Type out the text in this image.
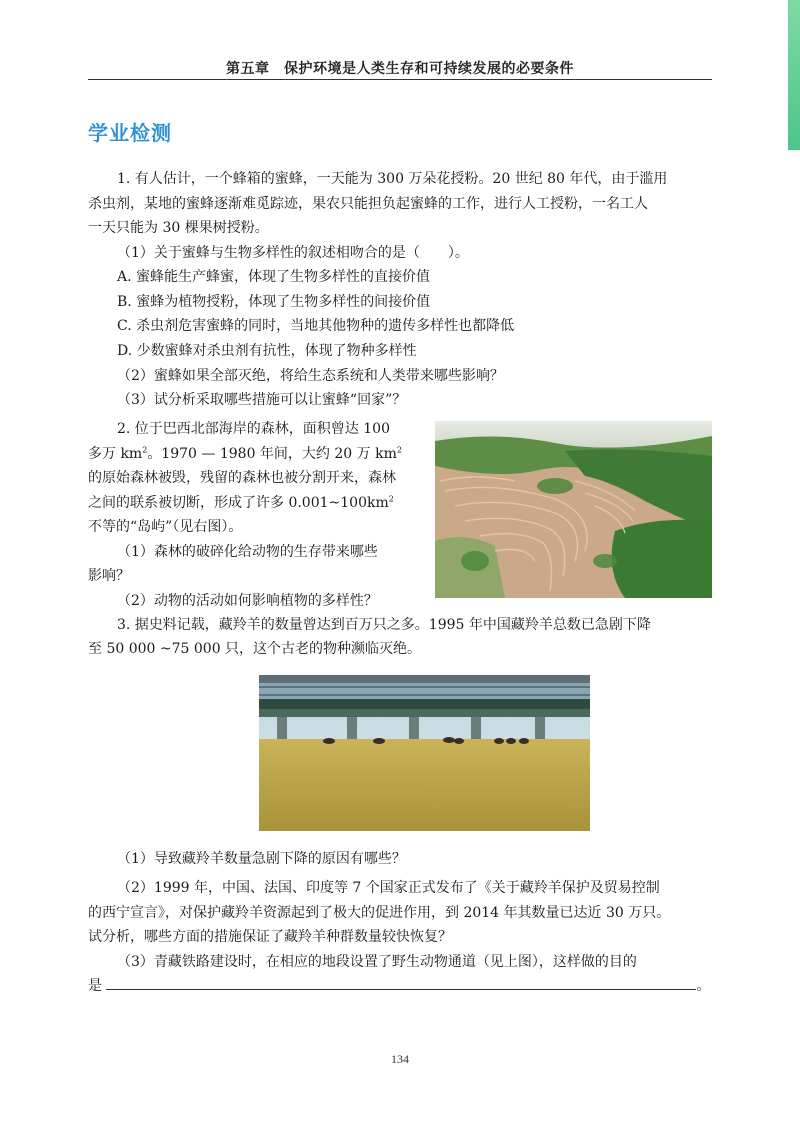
第五章　保护环境是人类生存和可持续发展的必要条件
学业检测
1. 有人估计，一个蜂箱的蜜蜂，一天能为 300 万朵花授粉。20 世纪 80 年代，由于滥用
杀虫剂，某地的蜜蜂逐渐难觅踪迹，果农只能担负起蜜蜂的工作，进行人工授粉，一名工人
一天只能为 30 棵果树授粉。
（1）关于蜜蜂与生物多样性的叙述相吻合的是（　　）。
A. 蜜蜂能生产蜂蜜，体现了生物多样性的直接价值
B. 蜜蜂为植物授粉，体现了生物多样性的间接价值
C. 杀虫剂危害蜜蜂的同时，当地其他物种的遗传多样性也都降低
D. 少数蜜蜂对杀虫剂有抗性，体现了物种多样性
（2）蜜蜂如果全部灭绝，将给生态系统和人类带来哪些影响？
（3）试分析采取哪些措施可以让蜜蜂“回家”？

2. 位于巴西北部海岸的森林，面积曾达 100

多万 $km^2$。1970 — 1980 年间，大约 20 万 $km^2$

的原始森林被毁，残留的森林也被分割开来，森林

之间的联系被切断，形成了许多 $0.001\sim 100km^2$

不等的“岛屿”（见右图）。

（1）森林的破碎化给动物的生存带来哪些

影响？

（2）动物的活动如何影响植物的多样性？

3. 据史料记载，藏羚羊的数量曾达到百万只之多。1995 年中国藏羚羊总数已急剧下降
至 50 000 ~75 000 只，这个古老的物种濒临灭绝。
（1）导致藏羚羊数量急剧下降的原因有哪些？
（2）1999 年，中国、法国、印度等 7 个国家正式发布了《关于藏羚羊保护及贸易控制
的西宁宣言》，对保护藏羚羊资源起到了极大的促进作用，到 2014 年其数量已达近 30 万只。
试分析，哪些方面的措施保证了藏羚羊种群数量较快恢复？
（3）青藏铁路建设时，在相应的地段设置了野生动物通道（见上图），这样做的目的
是	。
134
